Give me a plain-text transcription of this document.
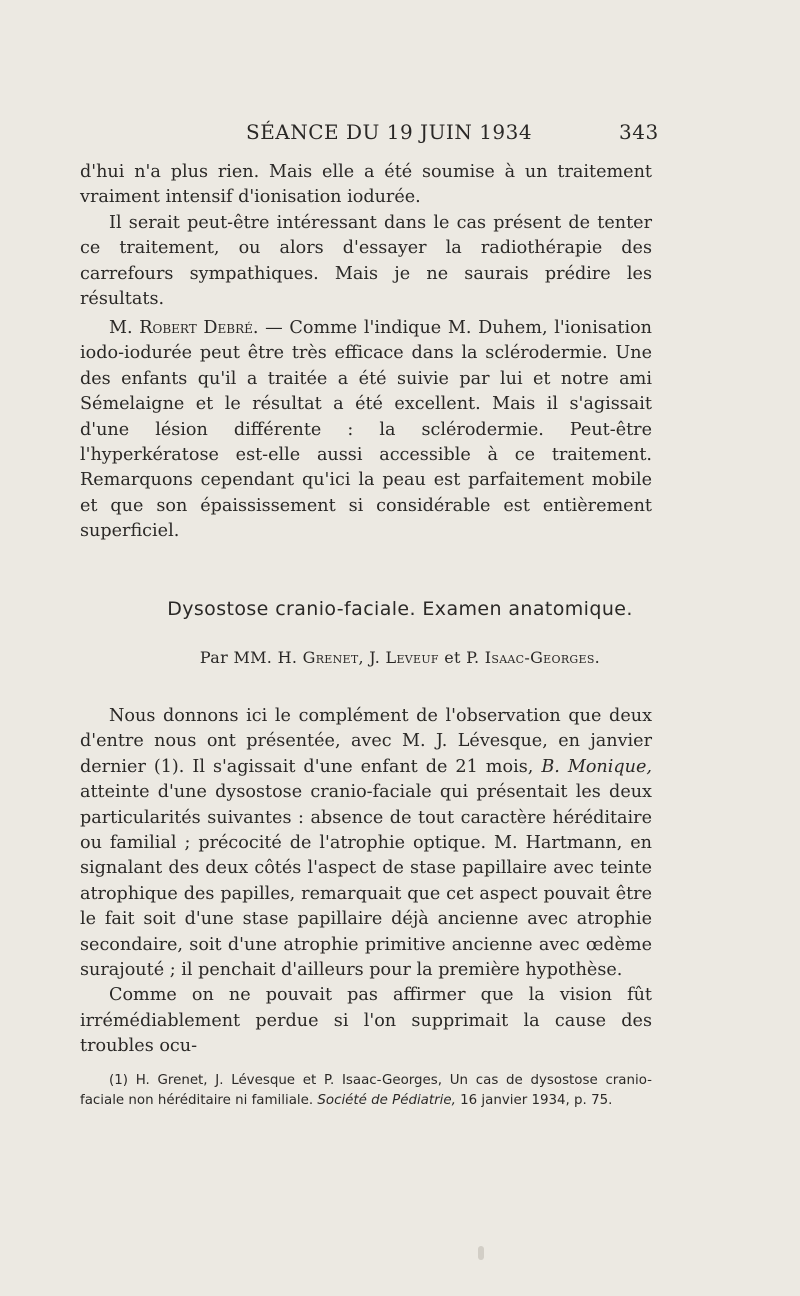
SÉANCE DU 19 JUIN 1934	343

d'hui n'a plus rien. Mais elle a été soumise à un traitement vraiment intensif d'ionisation iodurée.

Il serait peut-être intéressant dans le cas présent de tenter ce traitement, ou alors d'essayer la radiothérapie des carrefours sympathiques. Mais je ne saurais prédire les résultats.

M. Robert Debré. — Comme l'indique M. Duhem, l'ionisation iodo-iodurée peut être très efficace dans la sclérodermie. Une des enfants qu'il a traitée a été suivie par lui et notre ami Sémelaigne et le résultat a été excellent. Mais il s'agissait d'une lésion différente : la sclérodermie. Peut-être l'hyperkératose est-elle aussi accessible à ce traitement. Remarquons cependant qu'ici la peau est parfaitement mobile et que son épaississement si considérable est entièrement superficiel.

Dysostose cranio-faciale. Examen anatomique.
Par MM. H. Grenet, J. Leveuf et P. Isaac-Georges.

Nous donnons ici le complément de l'observation que deux d'entre nous ont présentée, avec M. J. Lévesque, en janvier dernier (1). Il s'agissait d'une enfant de 21 mois, B. Monique, atteinte d'une dysostose cranio-faciale qui présentait les deux particularités suivantes : absence de tout caractère héréditaire ou familial ; précocité de l'atrophie optique. M. Hartmann, en signalant des deux côtés l'aspect de stase papillaire avec teinte atrophique des papilles, remarquait que cet aspect pouvait être le fait soit d'une stase papillaire déjà ancienne avec atrophie secondaire, soit d'une atrophie primitive ancienne avec œdème surajouté ; il penchait d'ailleurs pour la première hypothèse.

Comme on ne pouvait pas affirmer que la vision fût irrémédiablement perdue si l'on supprimait la cause des troubles ocu-

(1) H. Grenet, J. Lévesque et P. Isaac-Georges, Un cas de dysostose cranio-faciale non héréditaire ni familiale. Société de Pédiatrie, 16 janvier 1934, p. 75.
